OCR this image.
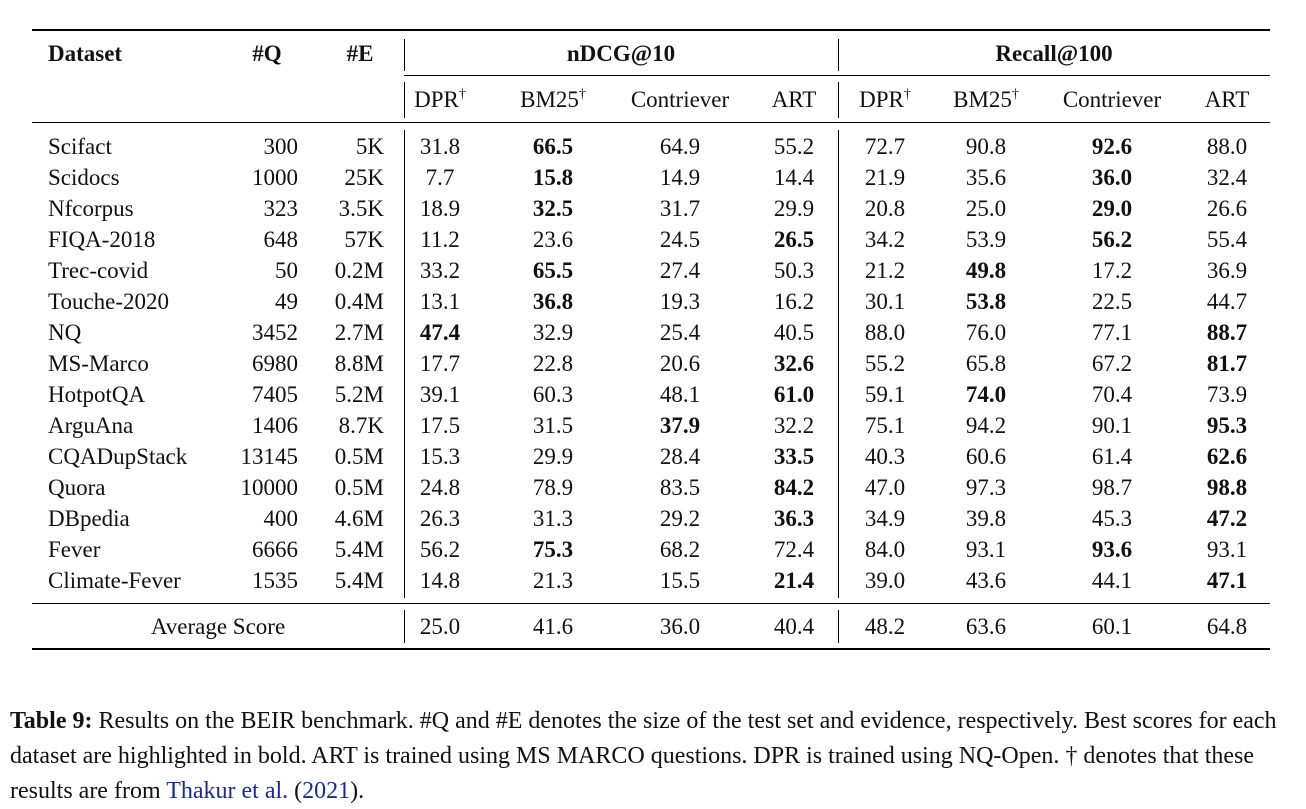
Dataset	#Q	#E	nDCG@10	Recall@100
DPR† BM25† Contriever ART DPR† BM25† Contriever ART
Scifact	300	5K 31.8	66.5	64.9	55.2 72.7	90.8	92.6	88.0
Scidocs	1000 25K 7.7	15.8	14.9	14.4 21.9	35.6	36.0	32.4
Nfcorpus	323 3.5K 18.9	32.5	31.7	29.9 20.8	25.0	29.0	26.6
FIQA-2018	648 57K 11.2	23.6	24.5	26.5 34.2	53.9	56.2	55.4
Trec-covid	50 0.2M 33.2	65.5	27.4	50.3 21.2	49.8	17.2	36.9
Touche-2020	49 0.4M 13.1	36.8	19.3	16.2 30.1	53.8	22.5	44.7
NQ	3452 2.7M 47.4	32.9	25.4	40.5 88.0	76.0	77.1	88.7
MS-Marco	6980 8.8M 17.7	22.8	20.6	32.6 55.2	65.8	67.2	81.7
HotpotQA	7405 5.2M 39.1	60.3	48.1	61.0 59.1	74.0	70.4	73.9
ArguAna	1406 8.7K 17.5	31.5	37.9	32.2 75.1	94.2	90.1	95.3
CQADupStack 13145 0.5M 15.3	29.9	28.4	33.5 40.3	60.6	61.4	62.6
Quora	10000 0.5M 24.8	78.9	83.5	84.2 47.0	97.3	98.7	98.8
DBpedia	400 4.6M 26.3	31.3	29.2	36.3 34.9	39.8	45.3	47.2
Fever	6666 5.4M 56.2	75.3	68.2	72.4 84.0	93.1	93.6	93.1
Climate-Fever	1535 5.4M 14.8	21.3	15.5	21.4 39.0	43.6	44.1	47.1
Average Score	25.0	41.6	36.0	40.4 48.2	63.6	60.1	64.8

Table 9: Results on the BEIR benchmark. #Q and #E denotes the size of the test set and evidence, respectively. Best scores for each dataset are highlighted in bold. ART is trained using MS MARCO questions. DPR is trained using NQ-Open. † denotes that these results are from Thakur et al. (2021).
